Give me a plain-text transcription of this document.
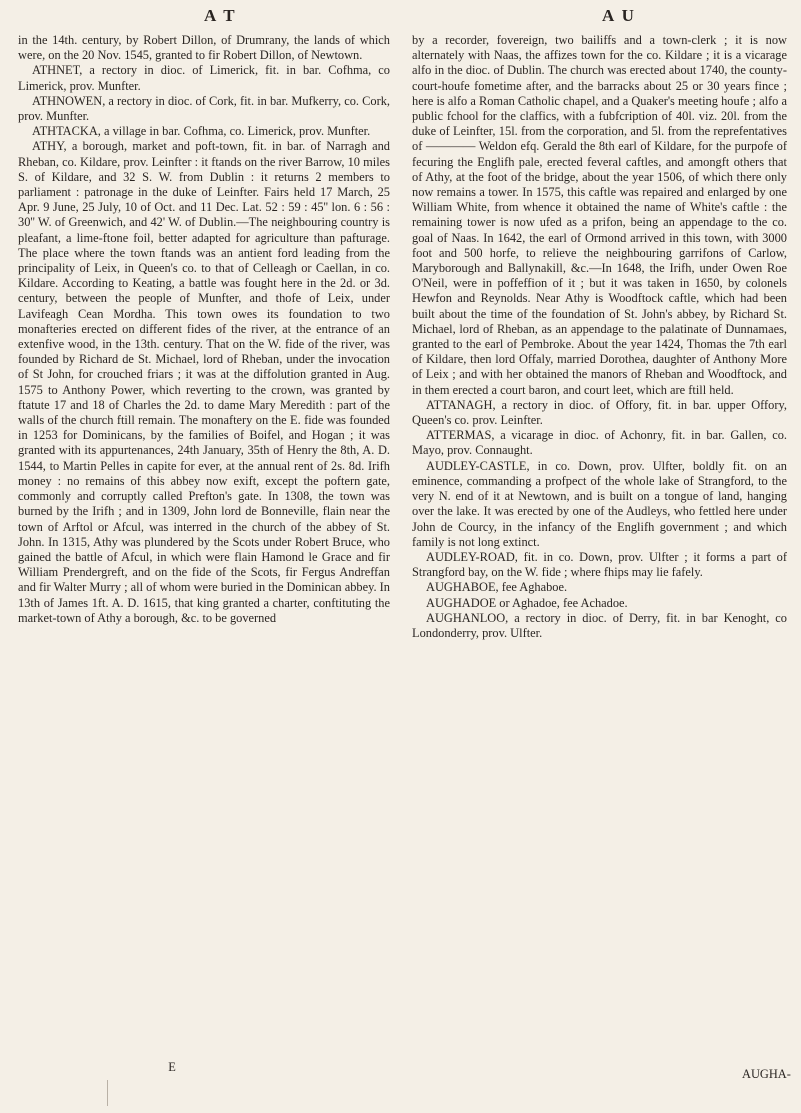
A T	A U

in the 14th. century, by Robert Dillon, of Drumrany, the lands of which were, on the 20 Nov. 1545, granted to fir Robert Dillon, of Newtown.

ATHNET, a rectory in dioc. of Limerick, fit. in bar. Cofhma, co Limerick, prov. Munfter.

ATHNOWEN, a rectory in dioc. of Cork, fit. in bar. Mufkerry, co. Cork, prov. Munfter.

ATHTACKA, a village in bar. Cofhma, co. Limerick, prov. Munfter.

ATHY, a borough, market and poft-town, fit. in bar. of Narragh and Rheban, co. Kildare, prov. Leinfter : it ftands on the river Barrow, 10 miles S. of Kildare, and 32 S. W. from Dublin : it returns 2 members to parliament : patronage in the duke of Leinfter. Fairs held 17 March, 25 Apr. 9 June, 25 July, 10 of Oct. and 11 Dec. Lat. 52 : 59 : 45'' lon. 6 : 56 : 30'' W. of Greenwich, and 42' W. of Dublin.—The neighbouring country is pleafant, a lime-ftone foil, better adapted for agriculture than pafturage. The place where the town ftands was an antient ford leading from the principality of Leix, in Queen's co. to that of Celleagh or Caellan, in co. Kildare. According to Keating, a battle was fought here in the 2d. or 3d. century, between the people of Munfter, and thofe of Leix, under Lavifeagh Cean Mordha. This town owes its foundation to two monafteries erected on different fides of the river, at the entrance of an extenfive wood, in the 13th. century. That on the W. fide of the river, was founded by Richard de St. Michael, lord of Rheban, under the invocation of St John, for crouched friars ; it was at the diffolution granted in Aug. 1575 to Anthony Power, which reverting to the crown, was granted by ftatute 17 and 18 of Charles the 2d. to dame Mary Meredith : part of the walls of the church ftill remain. The monaftery on the E. fide was founded in 1253 for Dominicans, by the families of Boifel, and Hogan ; it was granted with its appurtenances, 24th January, 35th of Henry the 8th, A. D. 1544, to Martin Pelles in capite for ever, at the annual rent of 2s. 8d. Irifh money : no remains of this abbey now exift, except the poftern gate, commonly and corruptly called Prefton's gate. In 1308, the town was burned by the Irifh ; and in 1309, John lord de Bonneville, flain near the town of Arftol or Afcul, was interred in the church of the abbey of St. John. In 1315, Athy was plundered by the Scots under Robert Bruce, who gained the battle of Afcul, in which were flain Hamond le Grace and fir William Prendergreft, and on the fide of the Scots, fir Fergus Andreffan and fir Walter Murry ; all of whom were buried in the Dominican abbey. In 13th of James 1ft. A. D. 1615, that king granted a charter, conftituting the market-town of Athy a borough, &c. to be governed

by a recorder, fovereign, two bailiffs and a town-clerk ; it is now alternately with Naas, the affizes town for the co. Kildare ; it is a vicarage alfo in the dioc. of Dublin. The church was erected about 1740, the county-court-houfe fometime after, and the barracks about 25 or 30 years fince ; here is alfo a Roman Catholic chapel, and a Quaker's meeting houfe ; alfo a public fchool for the claffics, with a fubfcription of 40l. viz. 20l. from the duke of Leinfter, 15l. from the corporation, and 5l. from the reprefentatives of ———— Weldon efq. Gerald the 8th earl of Kildare, for the purpofe of fecuring the Englifh pale, erected feveral caftles, and amongft others that of Athy, at the foot of the bridge, about the year 1506, of which there only now remains a tower. In 1575, this caftle was repaired and enlarged by one William White, from whence it obtained the name of White's caftle : the remaining tower is now ufed as a prifon, being an appendage to the co. goal of Naas. In 1642, the earl of Ormond arrived in this town, with 3000 foot and 500 horfe, to relieve the neighbouring garrifons of Carlow, Maryborough and Ballynakill, &c.—In 1648, the Irifh, under Owen Roe O'Neil, were in poffeffion of it ; but it was taken in 1650, by colonels Hewfon and Reynolds. Near Athy is Woodftock caftle, which had been built about the time of the foundation of St. John's abbey, by Richard St. Michael, lord of Rheban, as an appendage to the palatinate of Dunnamaes, granted to the earl of Pembroke. About the year 1424, Thomas the 7th earl of Kildare, then lord Offaly, married Dorothea, daughter of Anthony More of Leix ; and with her obtained the manors of Rheban and Woodftock, and in them erected a court baron, and court leet, which are ftill held.

ATTANAGH, a rectory in dioc. of Offory, fit. in bar. upper Offory, Queen's co. prov. Leinfter.

ATTERMAS, a vicarage in dioc. of Achonry, fit. in bar. Gallen, co. Mayo, prov. Connaught.

AUDLEY-CASTLE, in co. Down, prov. Ulfter, boldly fit. on an eminence, commanding a profpect of the whole lake of Strangford, to the very N. end of it at Newtown, and is built on a tongue of land, hanging over the lake. It was erected by one of the Audleys, who fettled here under John de Courcy, in the infancy of the Englifh government ; and which family is not long extinct.

AUDLEY-ROAD, fit. in co. Down, prov. Ulfter ; it forms a part of Strangford bay, on the W. fide ; where fhips may lie fafely.

AUGHABOE, fee Aghaboe.

AUGHADOE or Aghadoe, fee Achadoe.

AUGHANLOO, a rectory in dioc. of Derry, fit. in bar Kenoght, co Londonderry, prov. Ulfter.

E	AUGHA-
